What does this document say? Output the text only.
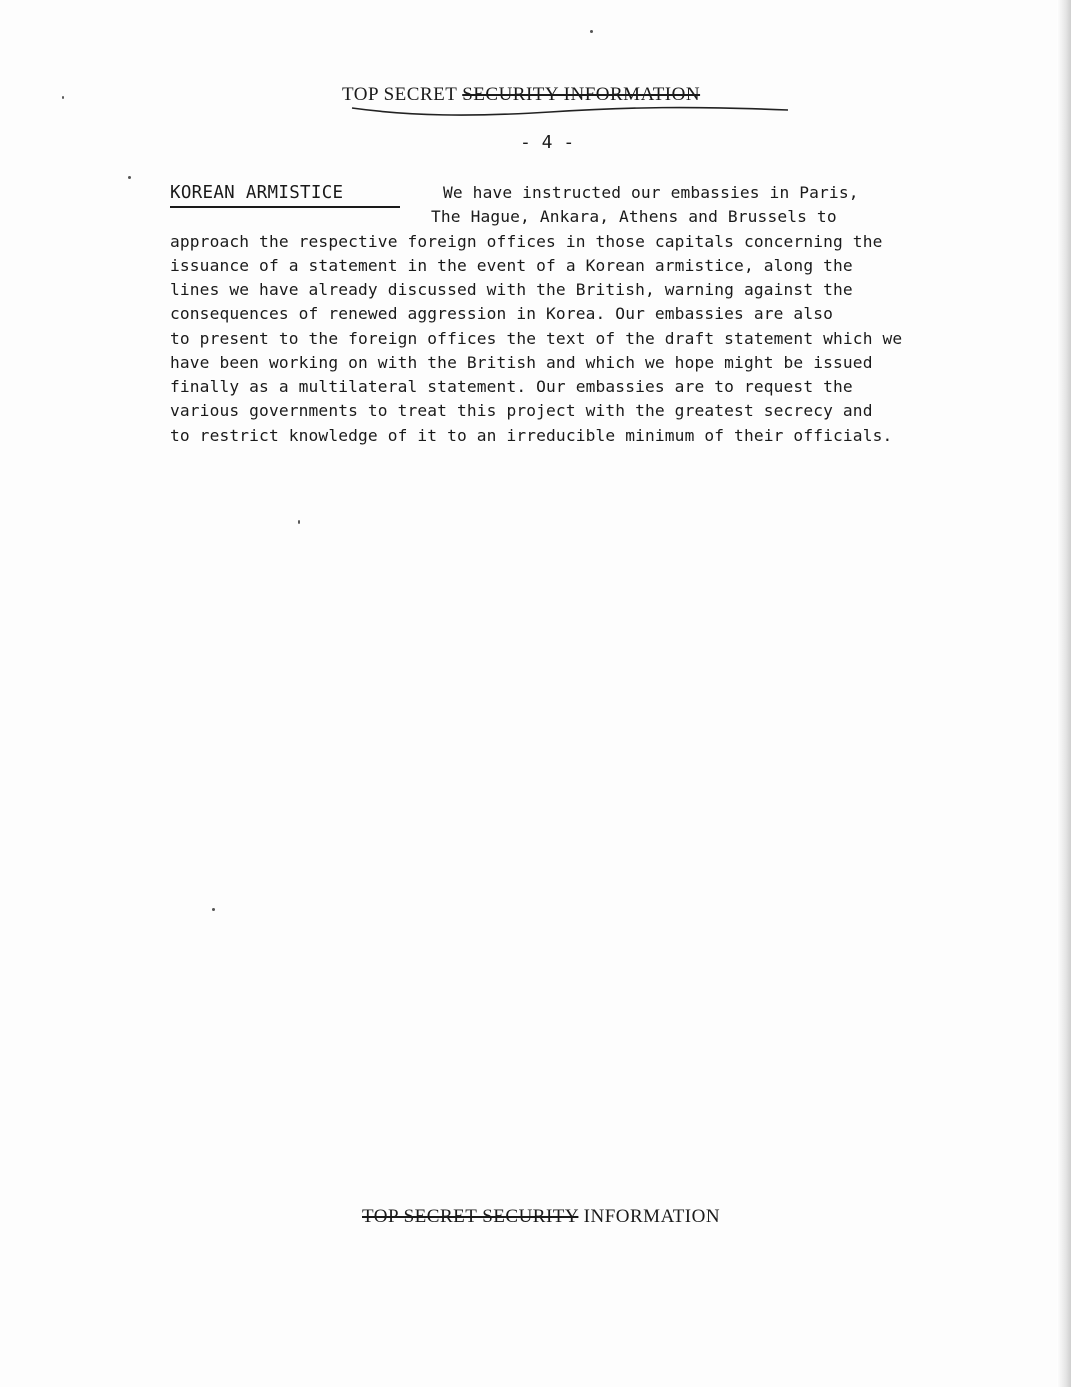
TOP SECRET SECURITY INFORMATION
- 4 -
KOREAN ARMISTICE	We have instructed our embassies in Paris,
The Hague, Ankara, Athens and Brussels to
approach the respective foreign offices in those capitals concerning the
issuance of a statement in the event of a Korean armistice, along the
lines we have already discussed with the British, warning against the
consequences of renewed aggression in Korea. Our embassies are also
to present to the foreign offices the text of the draft statement which we
have been working on with the British and which we hope might be issued
finally as a multilateral statement. Our embassies are to request the
various governments to treat this project with the greatest secrecy and
to restrict knowledge of it to an irreducible minimum of their officials.
TOP SECRET SECURITY INFORMATION
